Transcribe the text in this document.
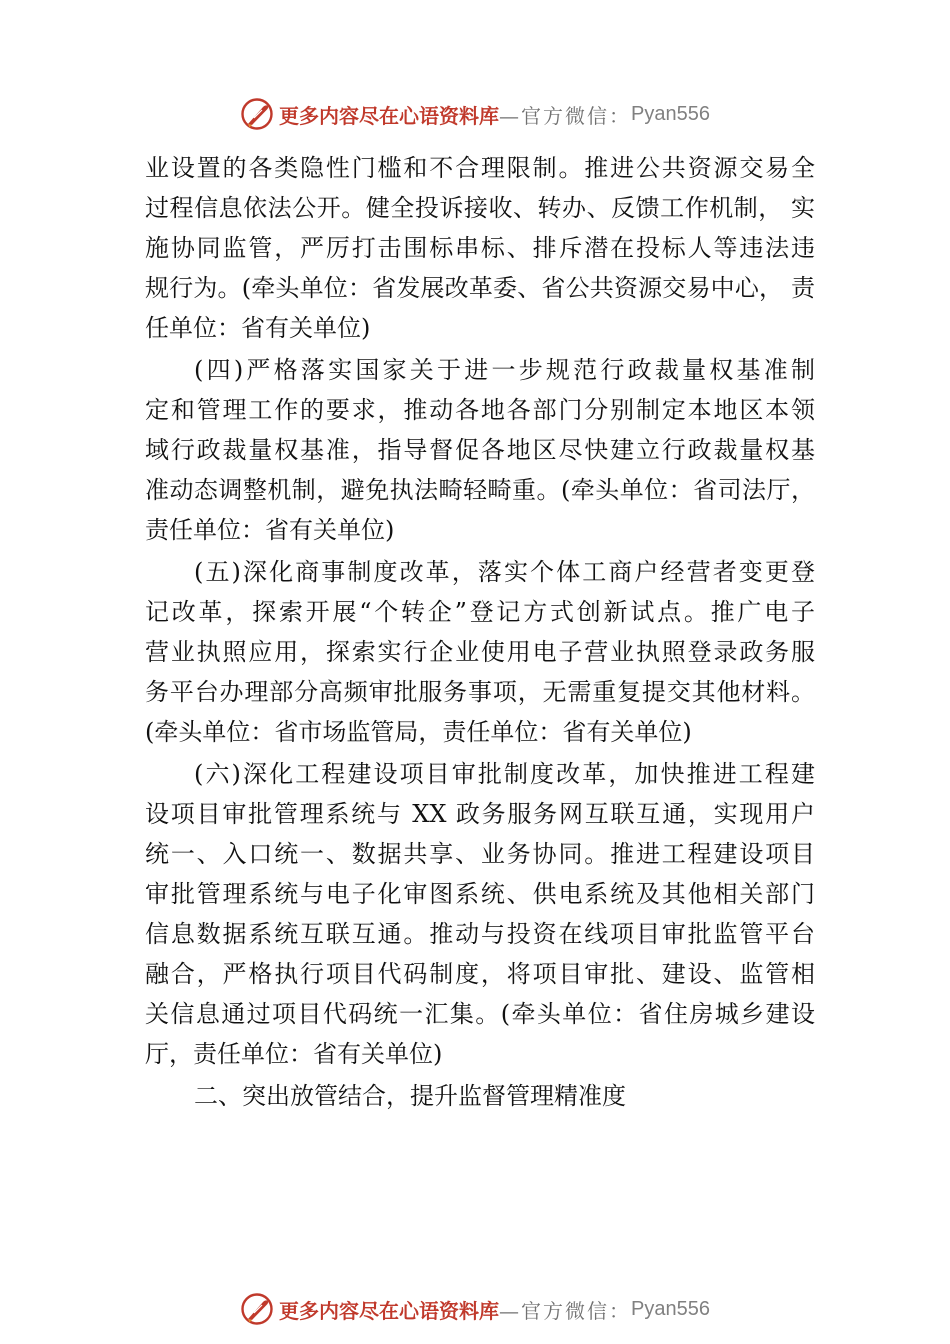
更多内容尽在心语资料库 —官方微信： Pyan556
业设置的各类隐性门槛和不合理限制。推进公共资源交易全
过程信息依法公开。健全投诉接收、转办、反馈工作机制， 实
施协同监管，严厉打击围标串标、排斥潜在投标人等违法违
规行为。(牵头单位：省发展改革委、省公共资源交易中心， 责
任单位：省有关单位)
(四)严格落实国家关于进一步规范行政裁量权基准制
定和管理工作的要求，推动各地各部门分别制定本地区本领
域行政裁量权基准，指导督促各地区尽快建立行政裁量权基
准动态调整机制，避免执法畸轻畸重。(牵头单位：省司法厅，
责任单位：省有关单位)
(五)深化商事制度改革，落实个体工商户经营者变更登
记改革，探索开展“个转企”登记方式创新试点。推广电子
营业执照应用，探索实行企业使用电子营业执照登录政务服
务平台办理部分高频审批服务事项，无需重复提交其他材料。
(牵头单位：省市场监管局，责任单位：省有关单位)
(六)深化工程建设项目审批制度改革，加快推进工程建
设项目审批管理系统与 XX 政务服务网互联互通，实现用户
统一、入口统一、数据共享、业务协同。推进工程建设项目
审批管理系统与电子化审图系统、供电系统及其他相关部门
信息数据系统互联互通。推动与投资在线项目审批监管平台
融合，严格执行项目代码制度，将项目审批、建设、监管相
关信息通过项目代码统一汇集。(牵头单位：省住房城乡建设
厅，责任单位：省有关单位)
二、突出放管结合，提升监督管理精准度
更多内容尽在心语资料库 —官方微信： Pyan556
